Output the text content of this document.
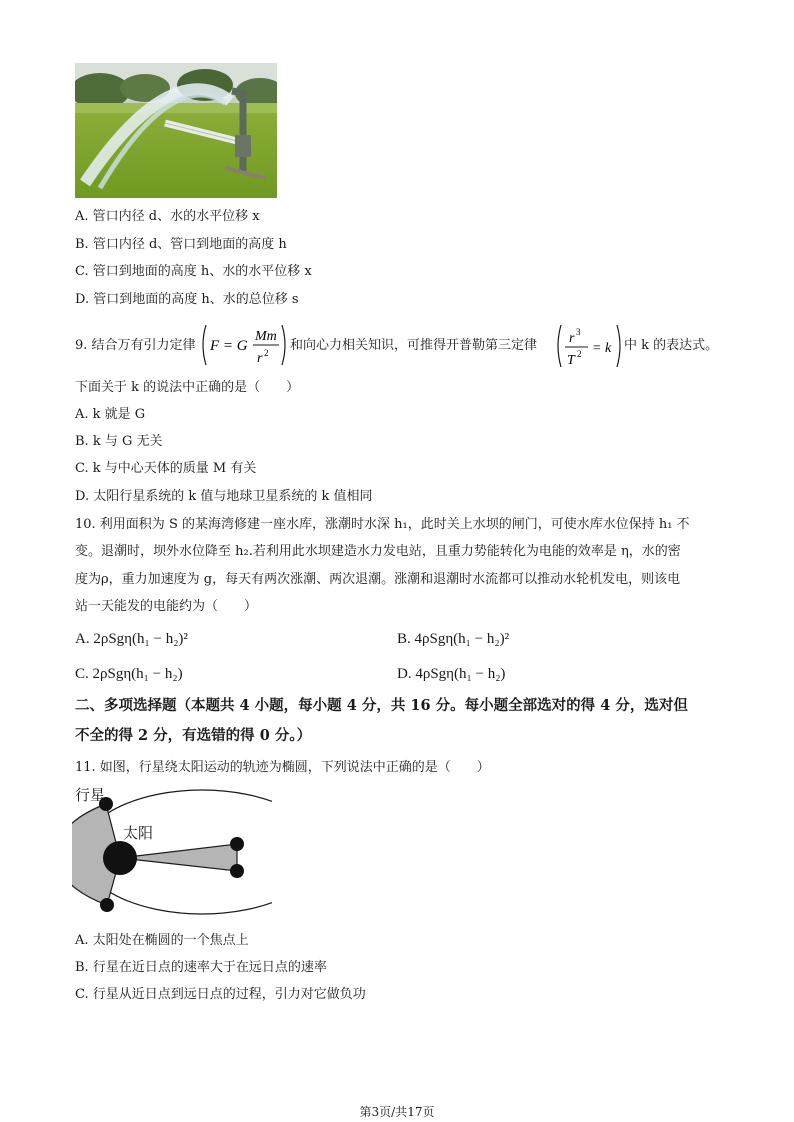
A. 管口内径 d、水的水平位移 x
B. 管口内径 d、管口到地面的高度 h
C. 管口到地面的高度 h、水的水平位移 x
D. 管口到地面的高度 h、水的总位移 s
9. 结合万有引力定律 F = G
Mm
r 2 和向心力相关知识，可推得开普勒第三定律 r 3
T 2 = k 中 k 的表达式。
下面关于 k 的说法中正确的是（　　）
A. k 就是 G
B. k 与 G 无关
C. k 与中心天体的质量 M 有关
D. 太阳行星系统的 k 值与地球卫星系统的 k 值相同
10. 利用面积为 S 的某海湾修建一座水库，涨潮时水深 h₁，此时关上水坝的闸门，可使水库水位保持 h₁ 不
变。退潮时，坝外水位降至 h₂.若利用此水坝建造水力发电站，且重力势能转化为电能的效率是 η，水的密
度为ρ，重力加速度为 g，每天有两次涨潮、两次退潮。涨潮和退潮时水流都可以推动水轮机发电，则该电
站一天能发的电能约为（　　）
A. 2ρSgη(h₁ − h₂)²	B. 4ρSgη(h₁ − h₂)²
C. 2ρSgη(h₁ − h₂)	D. 4ρSgη(h₁ − h₂)
二、多项选择题（本题共 4 小题，每小题 4 分，共 16 分。每小题全部选对的得 4 分，选对但
不全的得 2 分，有选错的得 0 分。）
11. 如图，行星绕太阳运动的轨迹为椭圆，下列说法中正确的是（　　）
行星
太阳
A. 太阳处在椭圆的一个焦点上
B. 行星在近日点的速率大于在远日点的速率
C. 行星从近日点到远日点的过程，引力对它做负功
第3页/共17页
